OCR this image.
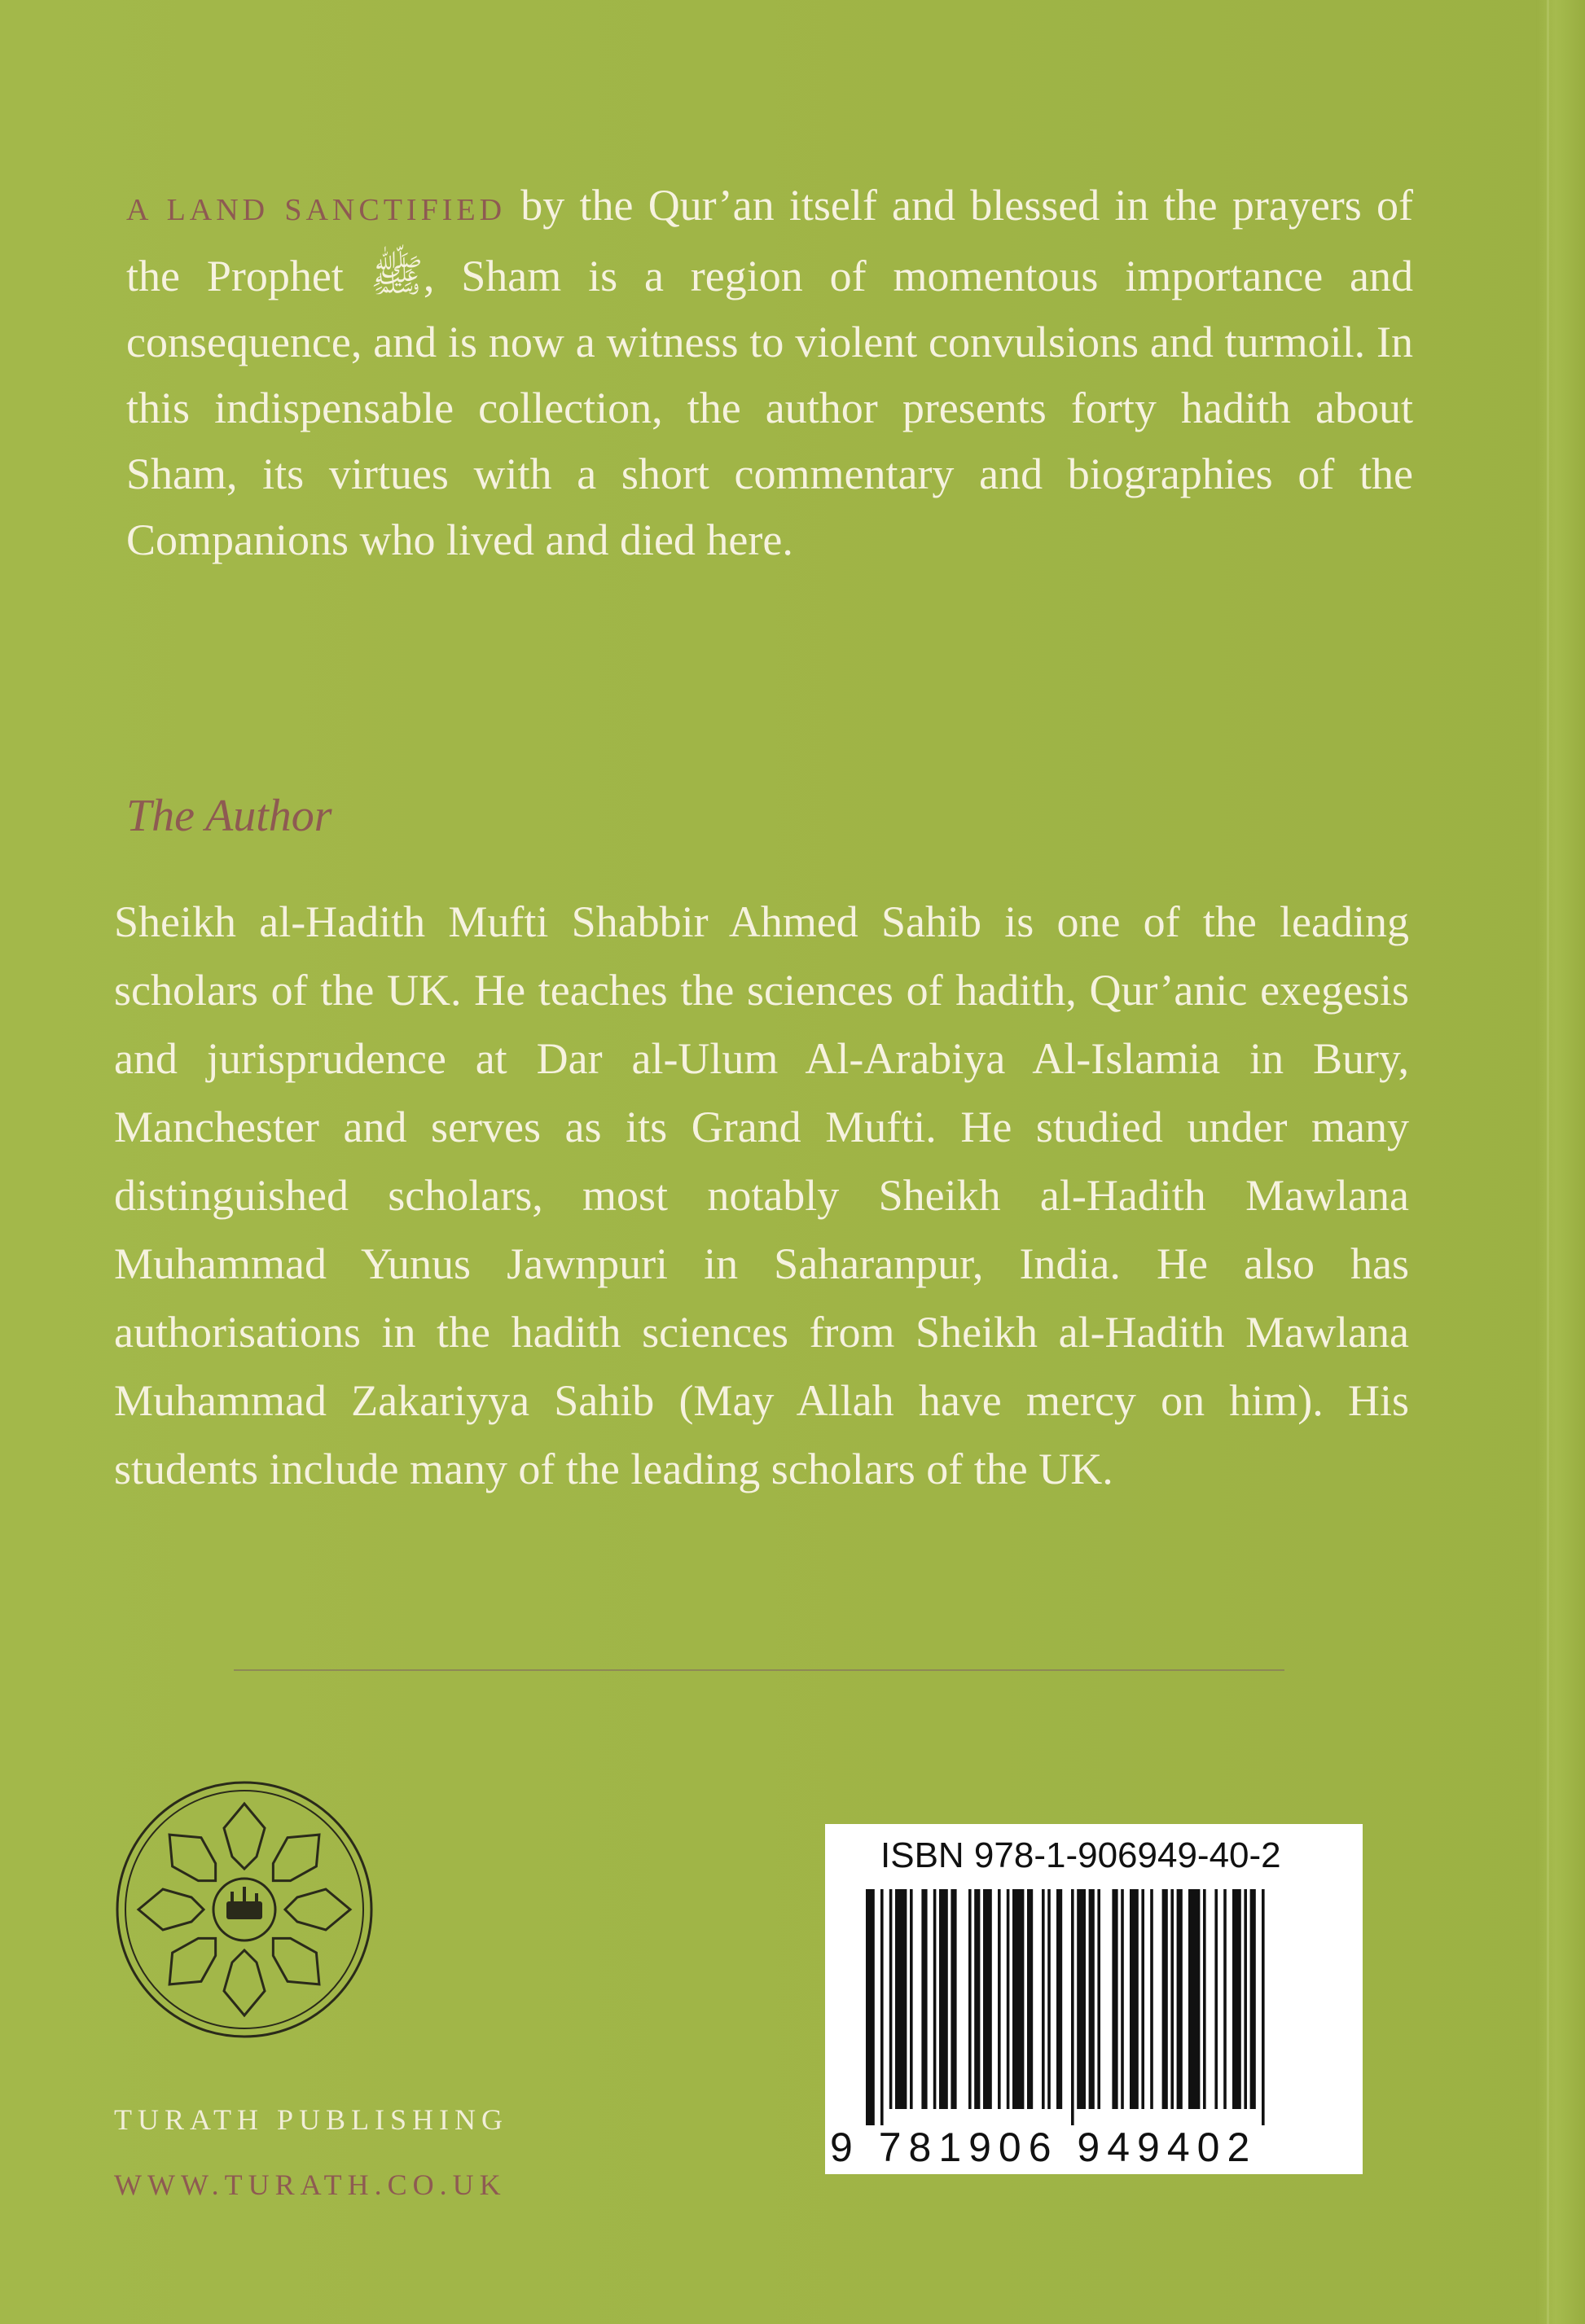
A LAND SANCTIFIED by the Qur’an itself and blessed in the prayers of the Prophet ﷺ, Sham is a region of momentous importance and consequence, and is now a witness to violent convulsions and turmoil. In this indispensable collection, the author presents forty hadith about Sham, its virtues with a short commentary and biographies of the Companions who lived and died here.

The Author

Sheikh al-Hadith Mufti Shabbir Ahmed Sahib is one of the leading scholars of the UK. He teaches the sciences of hadith, Qur’anic exegesis and jurisprudence at Dar al-Ulum Al-Arabiya Al-Islamia in Bury, Manchester and serves as its Grand Mufti. He studied under many distinguished scholars, most notably Sheikh al-Hadith Mawlana Muhammad Yunus Jawnpuri in Saharanpur, India. He also has authorisations in the hadith sciences from Sheikh al-Hadith Mawlana Muhammad Zakariyya Sahib (May Allah have mercy on him). His students include many of the leading scholars of the UK.

TURATH PUBLISHING
WWW.TURATH.CO.UK
ISBN 978-1-906949-40-2
9 781906 949402
